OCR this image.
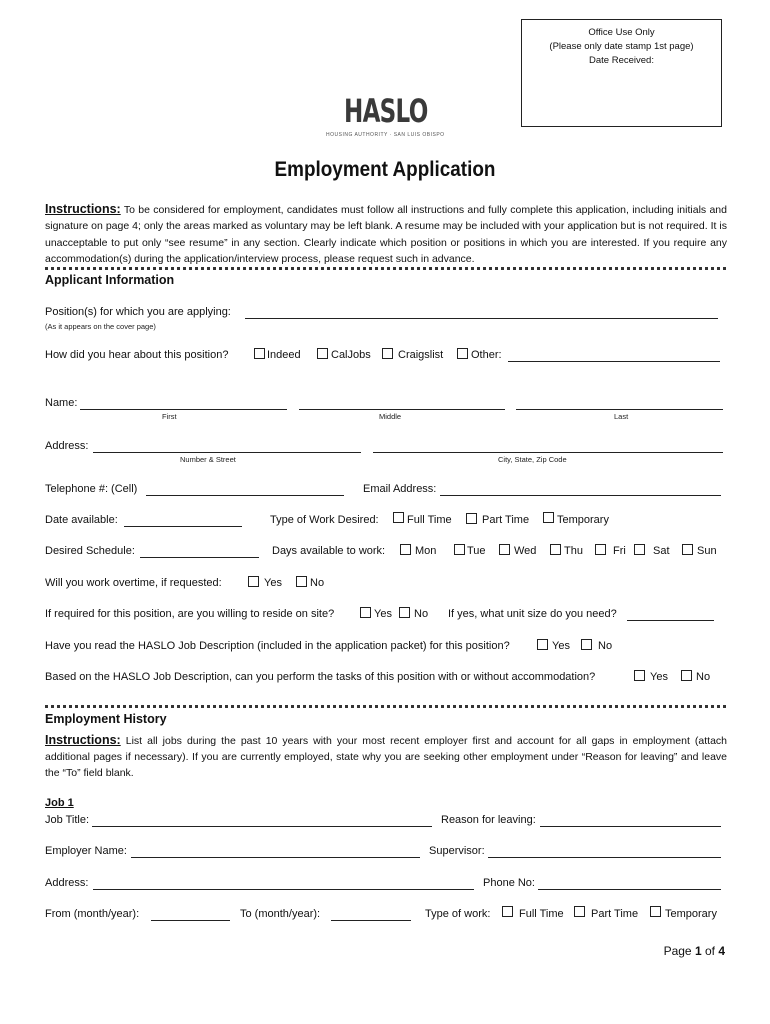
Office Use Only
(Please only date stamp 1st page)
Date Received:
HASLO
HOUSING AUTHORITY · SAN LUIS OBISPO
Employment Application
Instructions: To be considered for employment, candidates must follow all instructions and fully complete this application, including initials and signature on page 4; only the areas marked as voluntary may be left blank. A resume may be included with your application but is not required. It is unacceptable to put only “see resume” in any section. Clearly indicate which position or positions in which you are interested. If you require any accommodation(s) during the application/interview process, please request such in advance.
Applicant Information
Position(s) for which you are applying:
(As it appears on the cover page)
How did you hear about this position?	Indeed	CalJobs Craigslist	Other:
Name:
First	Middle	Last
Address:
Number & Street	City, State, Zip Code
Telephone #: (Cell)	Email Address:
Date available:	Type of Work Desired:	Full Time	Part Time	Temporary
Desired Schedule:	Days available to work:	Mon	Tue	Wed	Thu	Fri Sat Sun
Will you work overtime, if requested:	Yes	No
If required for this position, are you willing to reside on site?	Yes No If yes, what unit size do you need?
Have you read the HASLO Job Description (included in the application packet) for this position?	Yes	No
Based on the HASLO Job Description, can you perform the tasks of this position with or without accommodation?	Yes	No
Employment History
Instructions: List all jobs during the past 10 years with your most recent employer first and account for all gaps in employment (attach additional pages if necessary). If you are currently employed, state why you are seeking other employment under “Reason for leaving” and leave the “To” field blank.
Job 1
Job Title:	Reason for leaving:
Employer Name:	Supervisor:
Address:	Phone No:
From (month/year):	To (month/year):	Type of work:	Full Time Part Time Temporary
Page 1 of 4
